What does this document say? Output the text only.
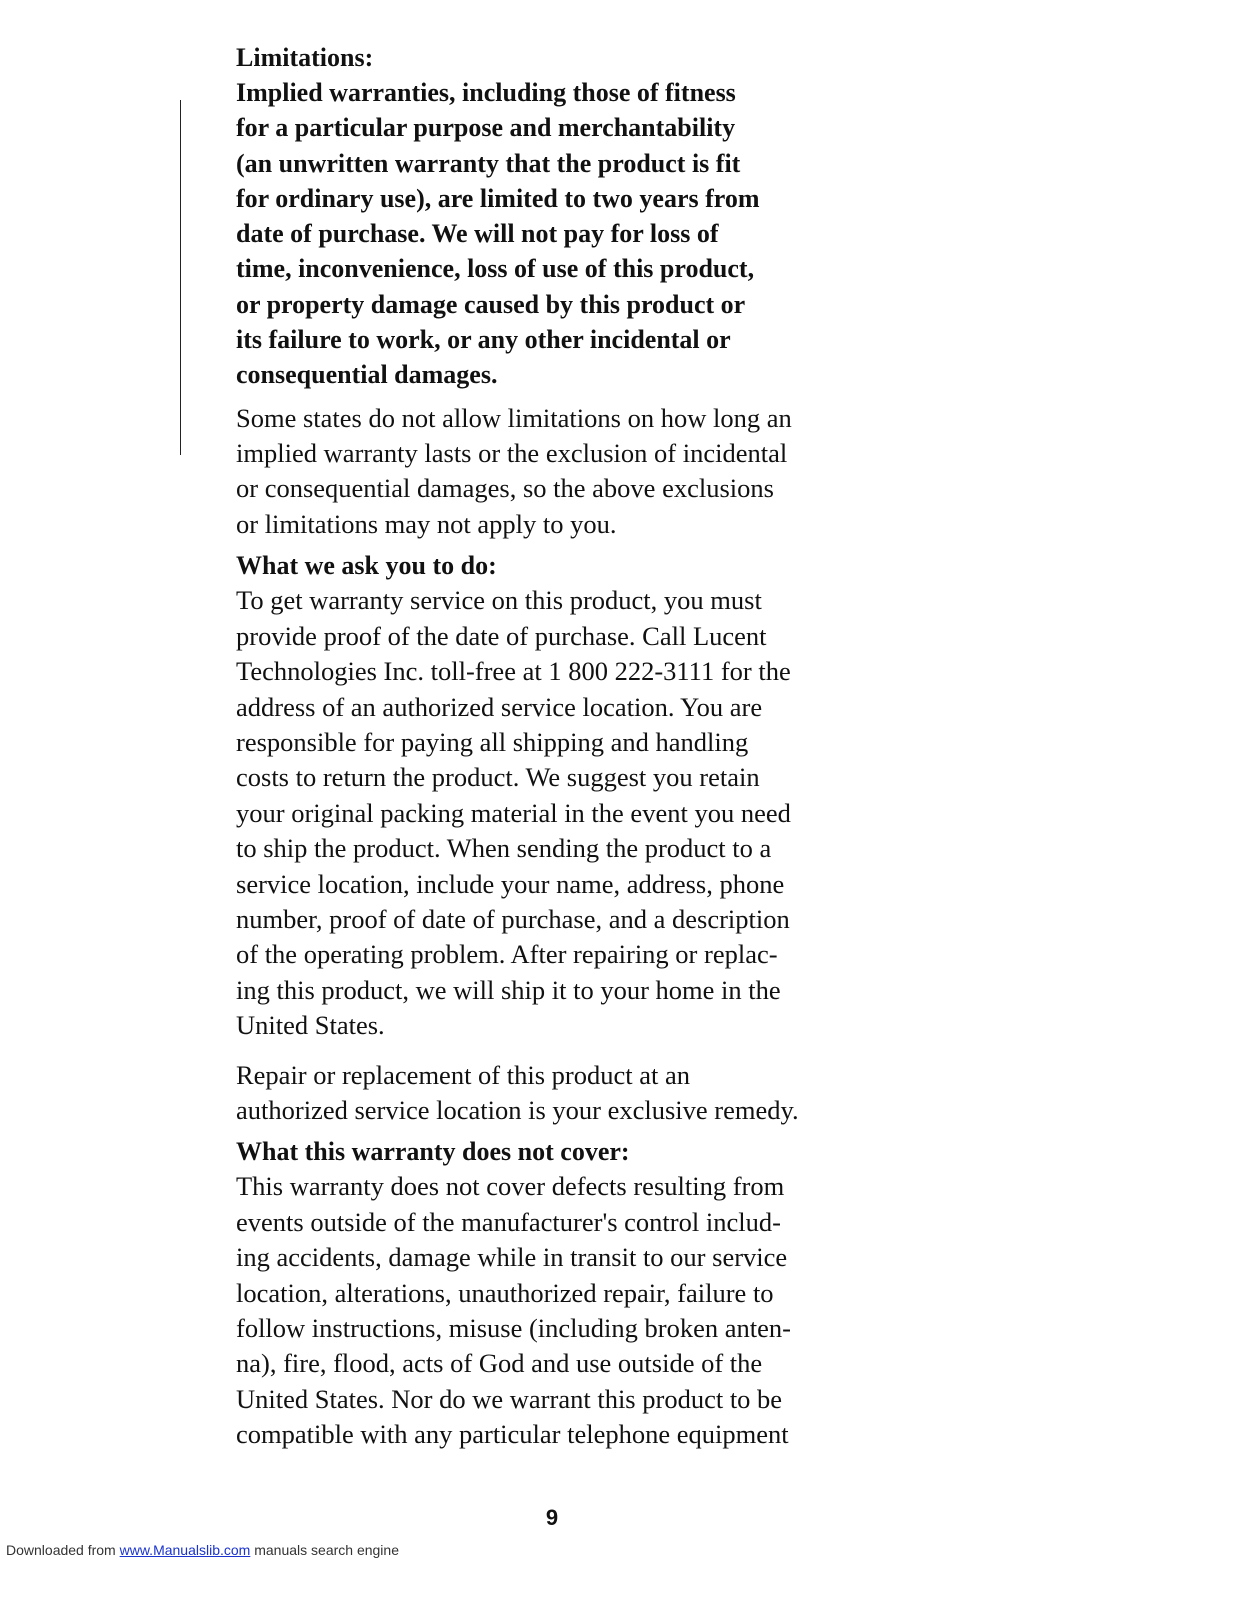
Limitations:

Implied warranties, including those of fitness
for a particular purpose and merchantability
(an unwritten warranty that the product is fit
for ordinary use), are limited to two years from
date of purchase. We will not pay for loss of
time, inconvenience, loss of use of this product,
or property damage caused by this product or
its failure to work, or any other incidental or
consequential damages.

Some states do not allow limitations on how long an
implied warranty lasts or the exclusion of incidental
or consequential damages, so the above exclusions
or limitations may not apply to you.

What we ask you to do:

To get warranty service on this product, you must
provide proof of the date of purchase. Call Lucent
Technologies Inc. toll-free at 1 800 222-3111 for the
address of an authorized service location. You are
responsible for paying all shipping and handling
costs to return the product. We suggest you retain
your original packing material in the event you need
to ship the product. When sending the product to a
service location, include your name, address, phone
number, proof of date of purchase, and a description
of the operating problem. After repairing or replac-
ing this product, we will ship it to your home in the
United States.

Repair or replacement of this product at an
authorized service location is your exclusive remedy.

What this warranty does not cover:

This warranty does not cover defects resulting from
events outside of the manufacturer's control includ-
ing accidents, damage while in transit to our service
location, alterations, unauthorized repair, failure to
follow instructions, misuse (including broken anten-
na), fire, flood, acts of God and use outside of the
United States. Nor do we warrant this product to be
compatible with any particular telephone equipment

9
Downloaded from www.Manualslib.com manuals search engine
